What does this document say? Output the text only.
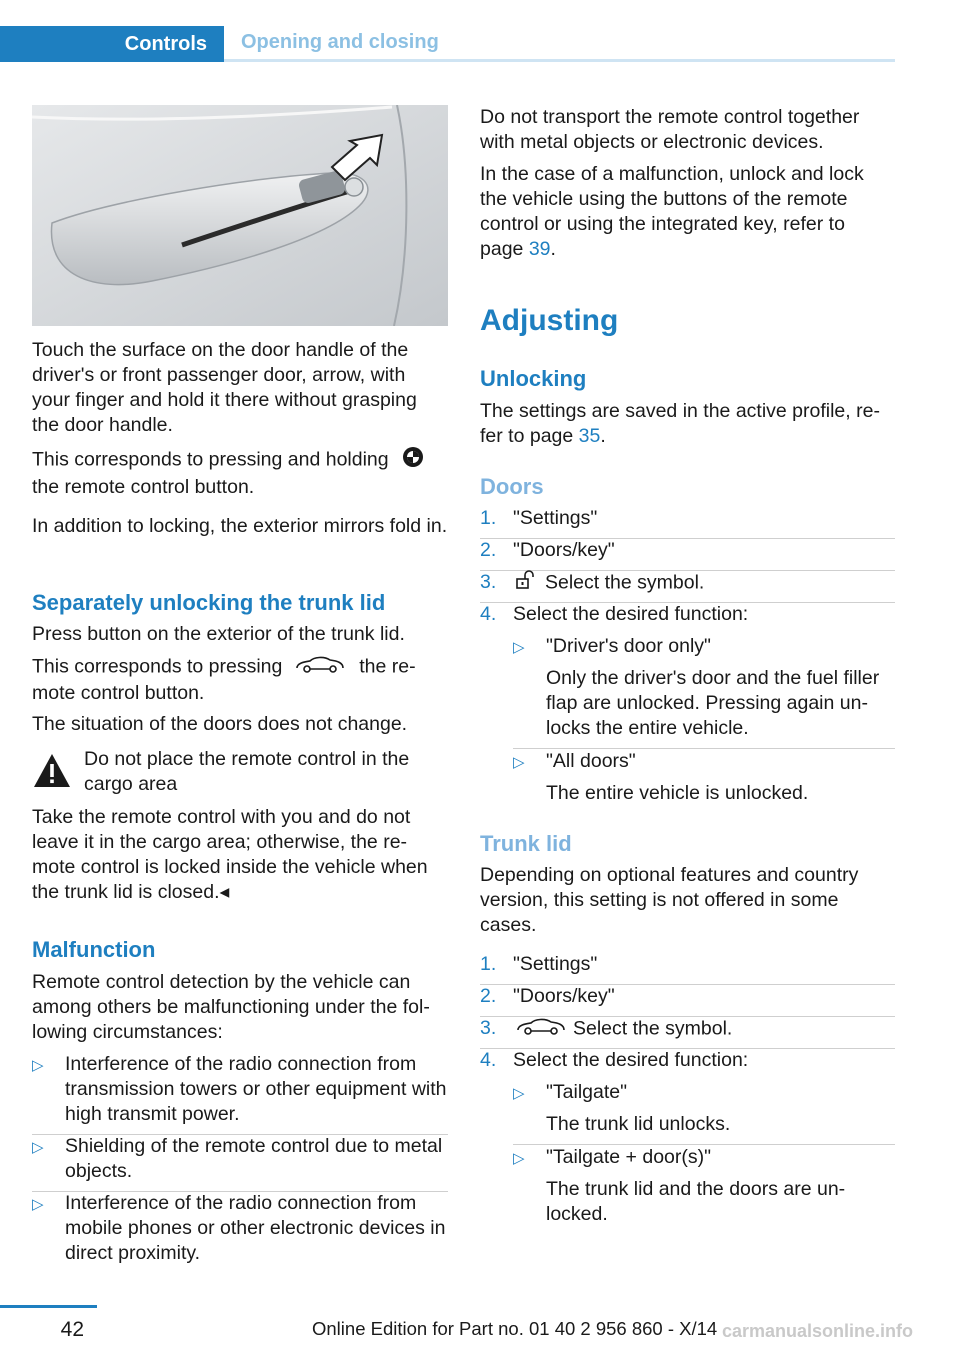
Controls	Opening and closing

Touch the surface on the door handle of the driver's or front passenger door, arrow, with your finger and hold it there without grasping the door handle.

This corresponds to pressing and holding
the remote control button.

In addition to locking, the exterior mirrors fold in.

Separately unlocking the trunk lid

Press button on the exterior of the trunk lid.

This corresponds to pressing	the re-
mote control button.

The situation of the doors does not change.

Do not place the remote control in the cargo area

Take the remote control with you and do not leave it in the cargo area; otherwise, the re-mote control is locked inside the vehicle when the trunk lid is closed.◂

Malfunction

Remote control detection by the vehicle can among others be malfunctioning under the fol-lowing circumstances:

▷	Interference of the radio connection from transmission towers or other equipment with high transmit power.
▷	Shielding of the remote control due to metal objects.
▷	Interference of the radio connection from mobile phones or other electronic devices in direct proximity.

Do not transport the remote control together with metal objects or electronic devices.

In the case of a malfunction, unlock and lock the vehicle using the buttons of the remote control or using the integrated key, refer to
page 39.

Adjusting
Unlocking

The settings are saved in the active profile, re-fer to page 35.

Doors
1. "Settings"
2. "Doors/key"
3.	Select the symbol.
4. Select the desired function:
▷	"Driver's door only"
Only the driver's door and the fuel filler flap are unlocked. Pressing again un-locks the entire vehicle.
▷	"All doors"
The entire vehicle is unlocked.
Trunk lid

Depending on optional features and country version, this setting is not offered in some cases.

1. "Settings"
2. "Doors/key"
3.	Select the symbol.
4. Select the desired function:
▷	"Tailgate"
The trunk lid unlocks.
▷	"Tailgate + door(s)"
The trunk lid and the doors are un-locked.
42	Online Edition for Part no. 01 40 2 956 860 - X/14 carmanualsonline.info
